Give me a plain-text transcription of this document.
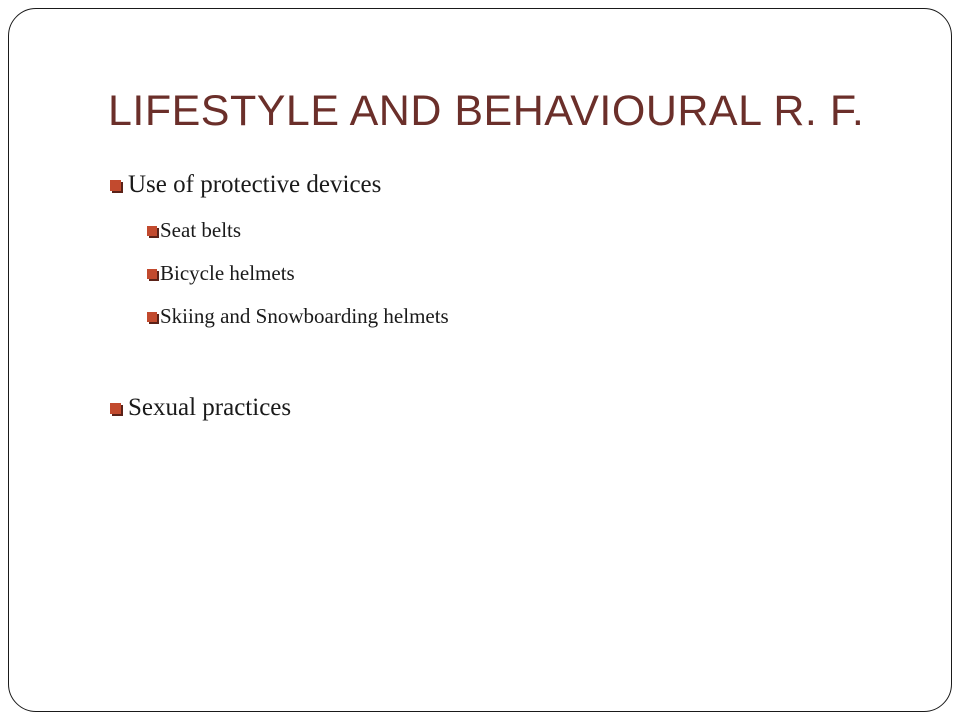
LIFESTYLE AND BEHAVIOURAL R. F.
Use of protective devices
Seat belts
Bicycle helmets
Skiing and Snowboarding helmets
Sexual practices
